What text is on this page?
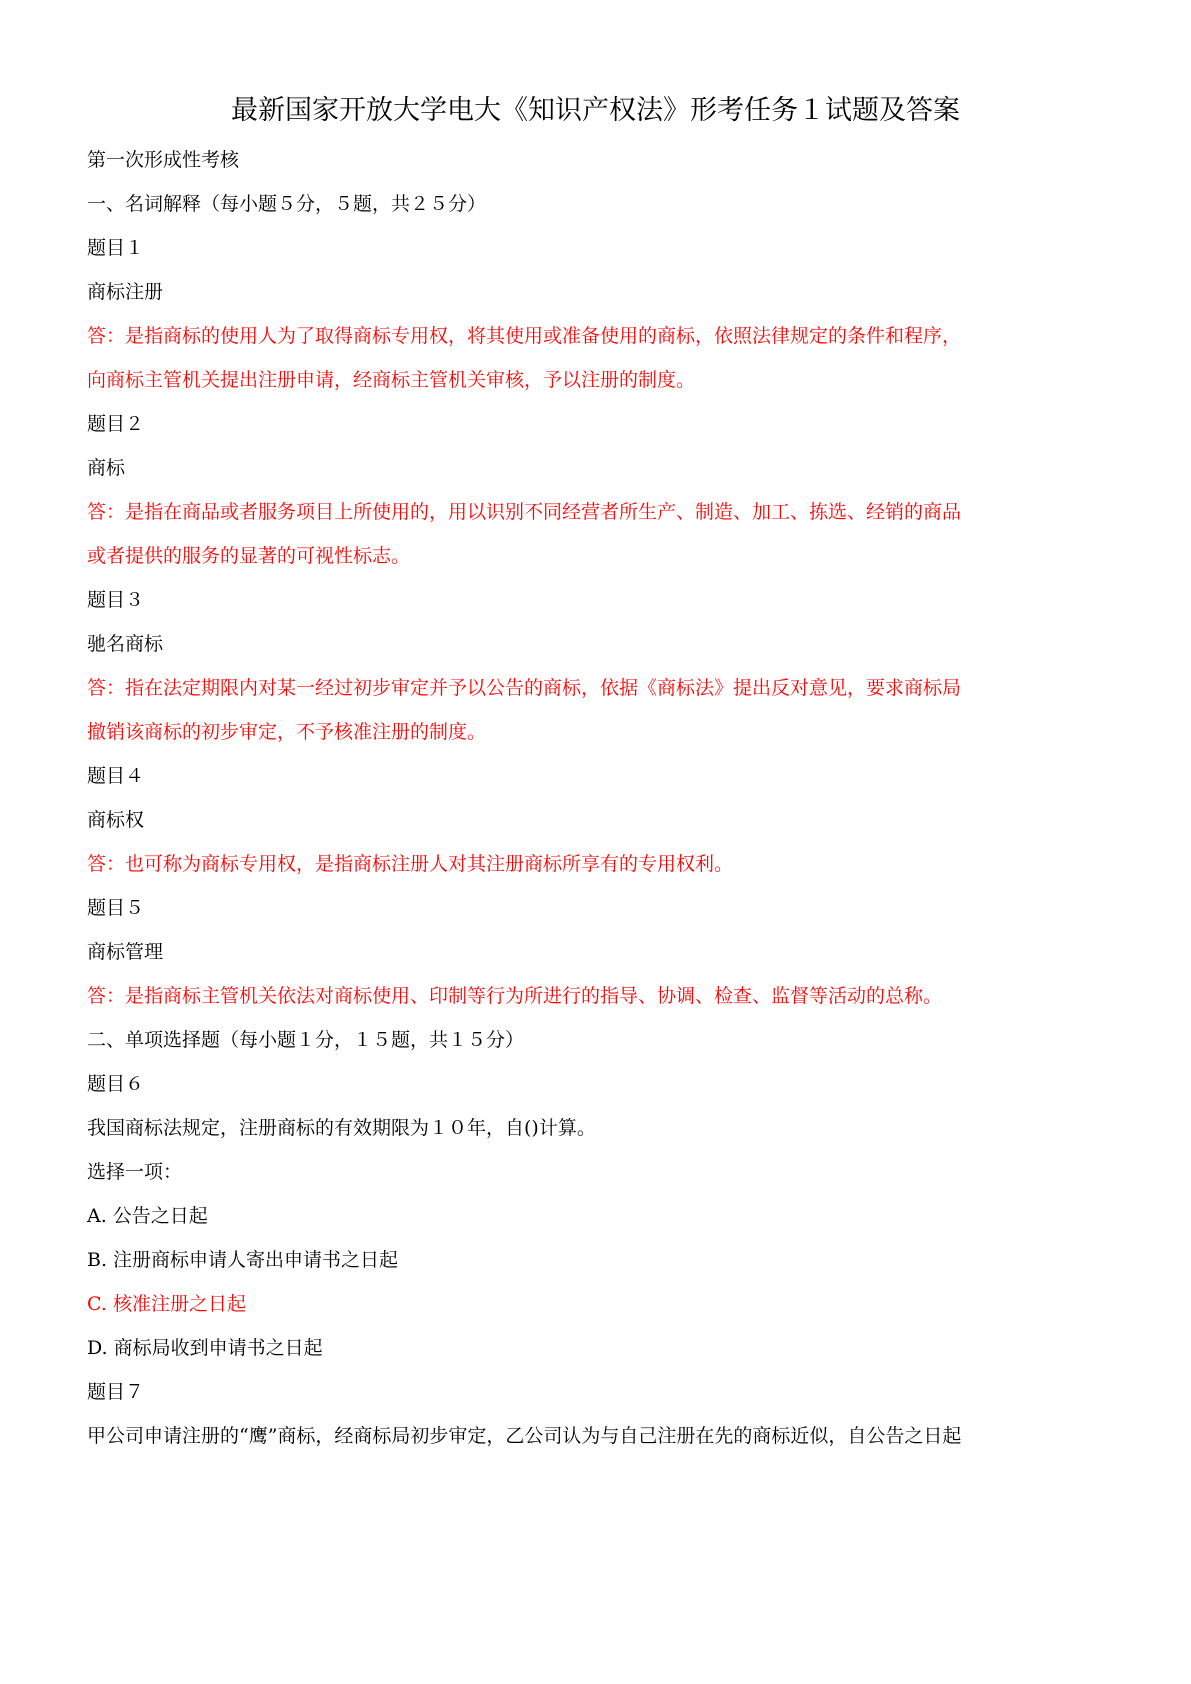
最新国家开放大学电大《知识产权法》形考任务１试题及答案
第一次形成性考核
一、名词解释（每小题５分，５题，共２５分）
题目１
商标注册
答：是指商标的使用人为了取得商标专用权，将其使用或准备使用的商标，依照法律规定的条件和程序，
向商标主管机关提出注册申请，经商标主管机关审核，予以注册的制度。
题目２
商标
答：是指在商品或者服务项目上所使用的，用以识别不同经营者所生产、制造、加工、拣选、经销的商品
或者提供的服务的显著的可视性标志。
题目３
驰名商标
答：指在法定期限内对某一经过初步审定并予以公告的商标，依据《商标法》提出反对意见，要求商标局
撤销该商标的初步审定，不予核准注册的制度。
题目４
商标权
答：也可称为商标专用权，是指商标注册人对其注册商标所享有的专用权利。
题目５
商标管理
答：是指商标主管机关依法对商标使用、印制等行为所进行的指导、协调、检查、监督等活动的总称。
二、单项选择题（每小题１分，１５题，共１５分）
题目６
我国商标法规定，注册商标的有效期限为１０年，自()计算。
选择一项：
A. 公告之日起
B. 注册商标申请人寄出申请书之日起
C. 核准注册之日起
D. 商标局收到申请书之日起
题目７
甲公司申请注册的“鹰”商标，经商标局初步审定，乙公司认为与自己注册在先的商标近似，自公告之日起
